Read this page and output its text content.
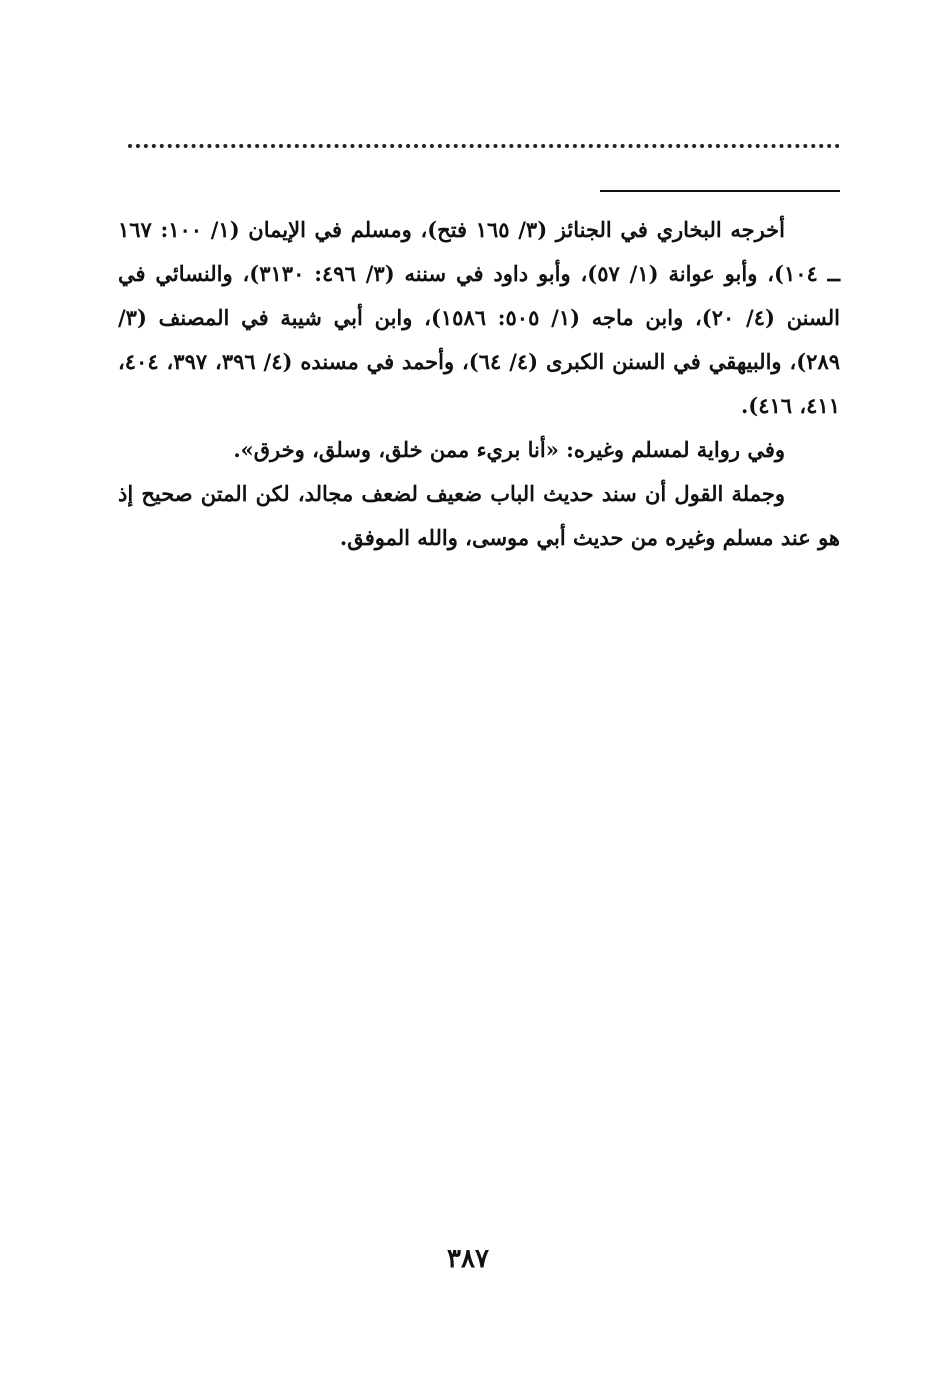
أخرجه البخاري في الجنائز (٣/ ١٦٥ فتح)، ومسلم في الإيمان (١/ ١٠٠: ١٦٧ ــ ١٠٤)، وأبو عوانة (١/ ٥٧)، وأبو داود في سننه (٣/ ٤٩٦: ٣١٣٠)، والنسائي في السنن (٤/ ٢٠)، وابن ماجه (١/ ٥٠٥: ١٥٨٦)، وابن أبي شيبة في المصنف (٣/ ٢٨٩)، والبيهقي في السنن الكبرى (٤/ ٦٤)، وأحمد في مسنده (٤/ ٣٩٦، ٣٩٧، ٤٠٤، ٤١١، ٤١٦).

وفي رواية لمسلم وغيره: «أنا بريء ممن خلق، وسلق، وخرق».

وجملة القول أن سند حديث الباب ضعيف لضعف مجالد، لكن المتن صحيح إذ هو عند مسلم وغيره من حديث أبي موسى، والله الموفق.

٣٨٧
